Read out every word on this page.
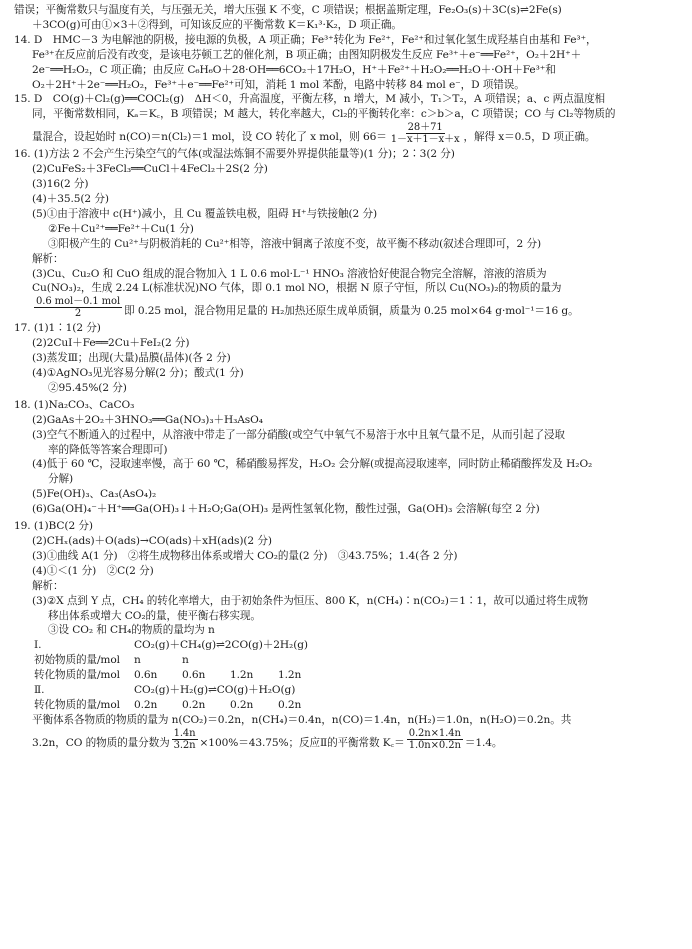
错误；平衡常数只与温度有关，与压强无关，增大压强 K 不变，C 项错误；根据盖斯定理，Fe₂O₃(s)＋3C(s)⇌2Fe(s)

＋3CO(g)可由①×3＋②得到，可知该反应的平衡常数 K＝K₁³·K₂，D 项正确。

14. D　HMC－3 为电解池的阴极，接电源的负极，A 项正确；Fe³⁺转化为 Fe²⁺，Fe²⁺和过氧化氢生成羟基自由基和 Fe³⁺，

Fe³⁺在反应前后没有改变，是该电芬顿工艺的催化剂，B 项正确；由图知阴极发生反应 Fe³⁺＋e⁻══Fe²⁺，O₂＋2H⁺＋

2e⁻══H₂O₂，C 项正确；由反应 C₆H₆O＋28·OH══6CO₂＋17H₂O，H⁺＋Fe²⁺＋H₂O₂══H₂O＋·OH＋Fe³⁺和

O₂＋2H⁺＋2e⁻══H₂O₂，Fe³⁺＋e⁻══Fe²⁺可知，消耗 1 mol 苯酚，电路中转移 84 mol e⁻，D 项错误。

15. D　CO(g)＋Cl₂(g)══COCl₂(g)　ΔH＜0，升高温度，平衡左移，n 增大，M 减小，T₁＞T₂，A 项错误；a、c 两点温度相

同，平衡常数相同，Kₐ＝K꜀，B 项错误；M 越大，转化率越大，Cl₂的平衡转化率：c＞b＞a，C 项错误；CO 与 Cl₂等物质的

量混合，设起始时 n(CO)＝n(Cl₂)＝1 mol，设 CO 转化了 x mol，则 $66= \frac{28+71}{1-x+1-x+x}$ ，解得 x＝0.5，D 项正确。

16. (1)方法 2 不会产生污染空气的气体(或湿法炼铜不需要外界提供能量等)(1 分)；2∶3(2 分)

(2)CuFeS₂＋3FeCl₃══CuCl＋4FeCl₂＋2S(2 分)

(3)16(2 分)

(4)＋35.5(2 分)

(5)①由于溶液中 c(H⁺)减小，且 Cu 覆盖铁电极，阻碍 H⁺与铁接触(2 分)

②Fe＋Cu²⁺══Fe²⁺＋Cu(1 分)

③阳极产生的 Cu²⁺与阴极消耗的 Cu²⁺相等，溶液中铜离子浓度不变，故平衡不移动(叙述合理即可，2 分)

解析：

(3)Cu、Cu₂O 和 CuO 组成的混合物加入 1 L 0.6 mol·L⁻¹ HNO₃ 溶液恰好使混合物完全溶解，溶液的溶质为

Cu(NO₃)₂，生成 2.24 L(标准状况)NO 气体，即 0.1 mol NO，根据 N 原子守恒，所以 Cu(NO₃)₂的物质的量为

$\frac{\text{0.6 mol－0.1 mol}}{2}$ 即 0.25 mol，混合物用足量的 H₂加热还原生成单质铜，质量为 0.25 mol×64 g·mol⁻¹＝16 g。

17. (1)1∶1(2 分)

(2)2CuI＋Fe══2Cu＋FeI₂(2 分)

(3)蒸发Ⅲ；出现(大量)晶膜(晶体)(各 2 分)

(4)①AgNO₃见光容易分解(2 分)；酸式(1 分)

②95.45%(2 分)

18. (1)Na₂CO₃、CaCO₃

(2)GaAs＋2O₂＋3HNO₃══Ga(NO₃)₃＋H₃AsO₄

(3)空气不断通入的过程中，从溶液中带走了一部分硝酸(或空气中氧气不易溶于水中且氧气量不足，从而引起了浸取

率的降低等答案合理即可)

(4)低于 60 ℃，浸取速率慢，高于 60 ℃，稀硝酸易挥发，H₂O₂ 会分解(或提高浸取速率，同时防止稀硝酸挥发及 H₂O₂

分解)

(5)Fe(OH)₃、Ca₃(AsO₄)₂

(6)Ga(OH)₄⁻＋H⁺══Ga(OH)₃↓＋H₂O;Ga(OH)₃ 是两性氢氧化物，酸性过强，Ga(OH)₃ 会溶解(每空 2 分)

19. (1)BC(2 分)

(2)CHₓ(ads)＋O(ads)→CO(ads)＋xH(ads)(2 分)

(3)①曲线 A(1 分)　②将生成物移出体系或增大 CO₂的量(2 分)　③43.75%；1.4(各 2 分)

(4)①＜(1 分)　②C(2 分)

解析：

(3)②X 点到 Y 点，CH₄ 的转化率增大，由于初始条件为恒压、800 K，n(CH₄)∶n(CO₂)＝1∶1，故可以通过将生成物

移出体系或增大 CO₂的量，使平衡右移实现。

③设 CO₂ 和 CH₄的物质的量均为 n

Ⅰ.	CO₂(g)＋CH₄(g)⇌2CO(g)＋2H₂(g)
初始物质的量/mol	n	n
转化物质的量/mol	0.6n	0.6n	1.2n	1.2n
Ⅱ.	CO₂(g)＋H₂(g)⇌CO(g)＋H₂O(g)
转化物质的量/mol	0.2n	0.2n	0.2n	0.2n

平衡体系各物质的物质的量为 n(CO₂)＝0.2n，n(CH₄)＝0.4n，n(CO)＝1.4n，n(H₂)＝1.0n，n(H₂O)＝0.2n。共

3.2n，CO 的物质的量分数为 $\frac{1.4n}{3.2n} \times 100\%=43.75\%$；反应Ⅱ的平衡常数 K꜀＝ $\frac{0.2n\times 1.4n}{1.0n\times 0.2n} =1.4$。
